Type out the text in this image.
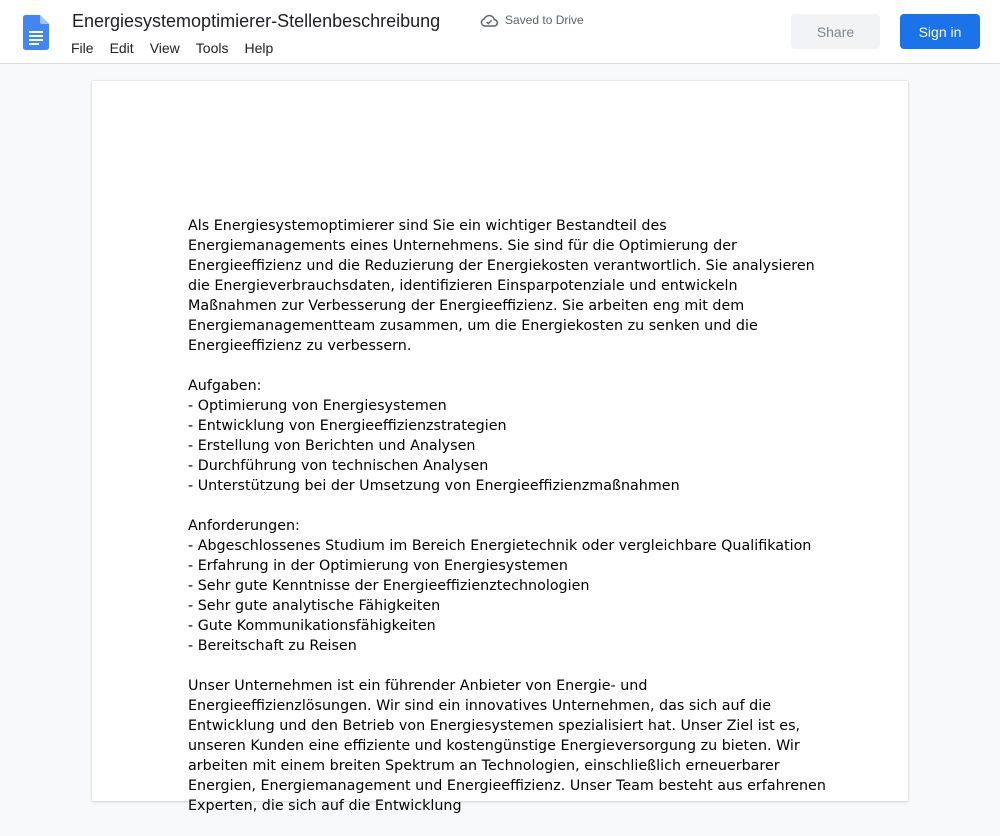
Energiesystemoptimierer-Stellenbeschreibung	Saved to Drive
File Edit View Tools Help
Share	Sign in

Als Energiesystemoptimierer sind Sie ein wichtiger Bestandteil des Energiemanagements eines Unternehmens. Sie sind für die Optimierung der Energieeffizienz und die Reduzierung der Energiekosten verantwortlich. Sie analysieren die Energieverbrauchsdaten, identifizieren Einsparpotenziale und entwickeln Maßnahmen zur Verbesserung der Energieeffizienz. Sie arbeiten eng mit dem Energiemanagementteam zusammen, um die Energiekosten zu senken und die Energieeffizienz zu verbessern.

Aufgaben:
- Optimierung von Energiesystemen
- Entwicklung von Energieeffizienzstrategien
- Erstellung von Berichten und Analysen
- Durchführung von technischen Analysen
- Unterstützung bei der Umsetzung von Energieeffizienzmaßnahmen

Anforderungen:
- Abgeschlossenes Studium im Bereich Energietechnik oder vergleichbare Qualifikation
- Erfahrung in der Optimierung von Energiesystemen
- Sehr gute Kenntnisse der Energieeffizienztechnologien
- Sehr gute analytische Fähigkeiten
- Gute Kommunikationsfähigkeiten
- Bereitschaft zu Reisen

Unser Unternehmen ist ein führender Anbieter von Energie- und Energieeffizienzlösungen. Wir sind ein innovatives Unternehmen, das sich auf die Entwicklung und den Betrieb von Energiesystemen spezialisiert hat. Unser Ziel ist es, unseren Kunden eine effiziente und kostengünstige Energieversorgung zu bieten. Wir arbeiten mit einem breiten Spektrum an Technologien, einschließlich erneuerbarer Energien, Energiemanagement und Energieeffizienz. Unser Team besteht aus erfahrenen Experten, die sich auf die Entwicklung
